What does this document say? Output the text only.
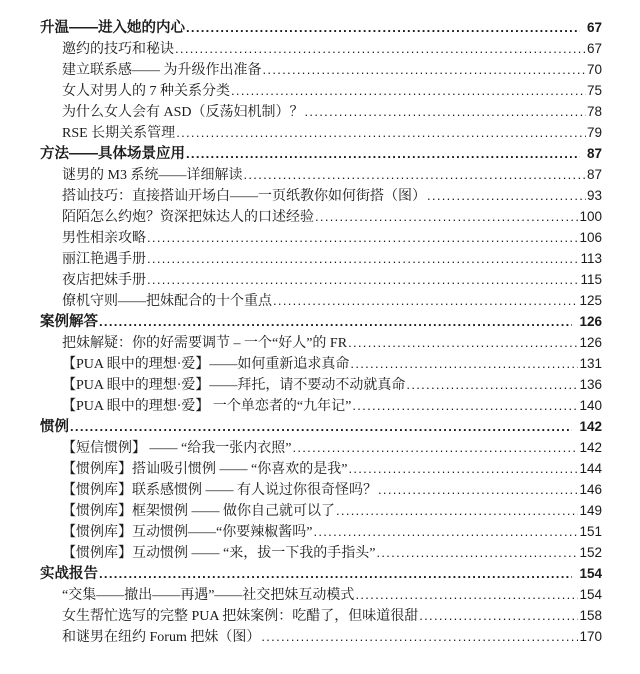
升温——进入她的内心 .....	67
邀约的技巧和秘诀 .....	67
建立联系感—— 为升级作出准备 .....	70
女人对男人的 7 种关系分类 .....	75
为什么女人会有 ASD（反荡妇机制）？ .....	78
RSE 长期关系管理 .....	79
方法——具体场景应用 .....	87
谜男的 M3 系统——详细解读 .....	87
搭讪技巧：直接搭讪开场白——一页纸教你如何街搭（图） .....	93
陌陌怎么约炮？资深把妹达人的口述经验 .....	100
男性相亲攻略 .....	106
丽江艳遇手册 .....	113
夜店把妹手册 .....	115
僚机守则——把妹配合的十个重点 .....	125
案例解答 .....	126
把妹解疑：你的好需要调节 – 一个“好人”的 FR .....	126
【PUA 眼中的理想·爱】——如何重新追求真命 .....	131
【PUA 眼中的理想·爱】——拜托，请不要动不动就真命 .....	136
【PUA 眼中的理想·爱】 一个单恋者的“九年记” .....	140
惯例 .....	142
【短信惯例】 —— “给我一张内衣照” .....	142
【惯例库】搭讪吸引惯例 —— “你喜欢的是我” .....	144
【惯例库】联系感惯例 —— 有人说过你很奇怪吗？ .....	146
【惯例库】框架惯例 —— 做你自己就可以了 .....	149
【惯例库】互动惯例——“你要辣椒酱吗” .....	151
【惯例库】互动惯例 —— “来，拔一下我的手指头” .....	152
实战报告 .....	154
“交集——撤出——再遇”——社交把妹互动模式 .....	154
女生帮忙选写的完整 PUA 把妹案例：吃醋了，但味道很甜 .....	158
和谜男在纽约 Forum 把妹（图） .....	170
